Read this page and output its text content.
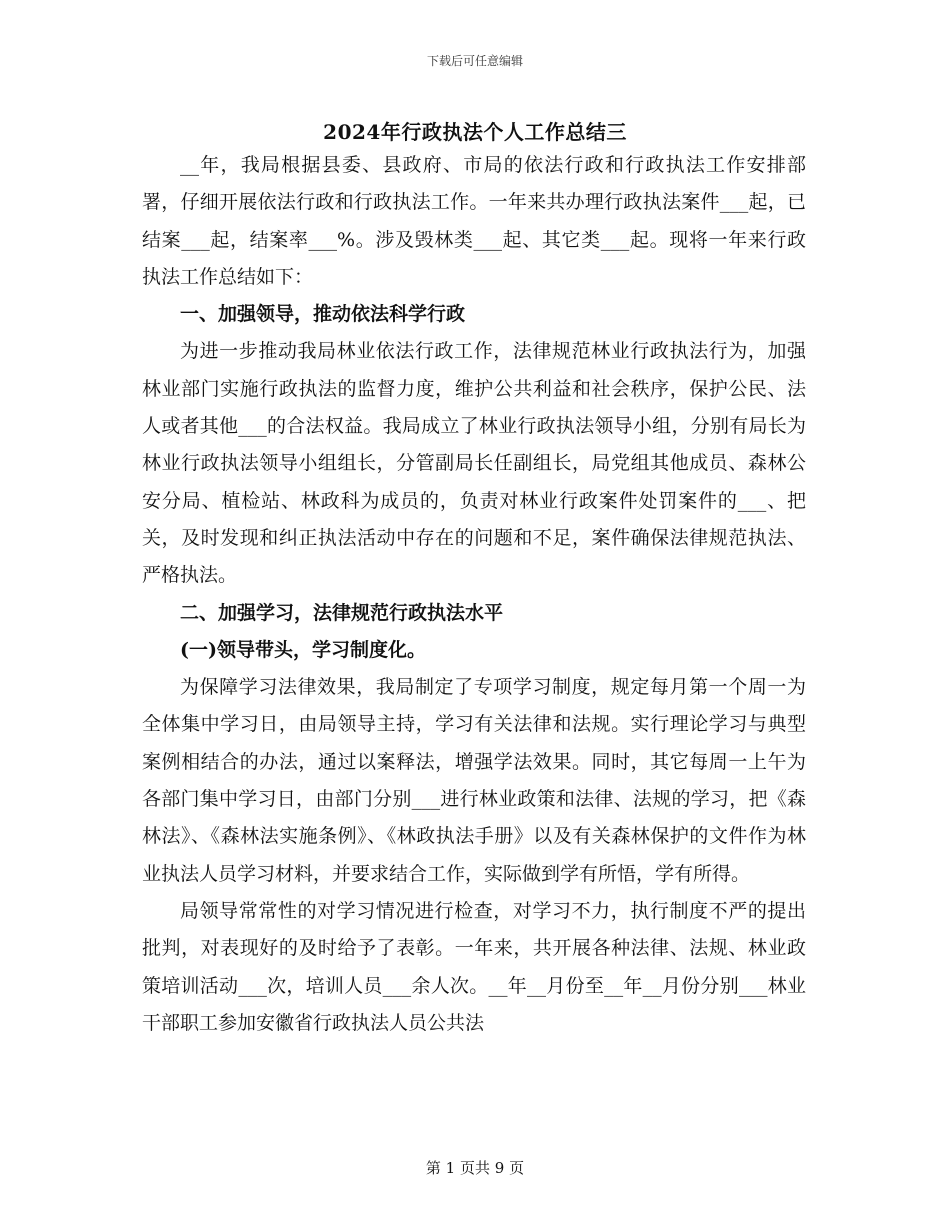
下载后可任意编辑
2024年行政执法个人工作总结三

__年，我局根据县委、县政府、市局的依法行政和行政执法工作安排部署，仔细开展依法行政和行政执法工作。一年来共办理行政执法案件___起，已结案___起，结案率___%。涉及毁林类___起、其它类___起。现将一年来行政执法工作总结如下：

一、加强领导，推动依法科学行政

为进一步推动我局林业依法行政工作，法律规范林业行政执法行为，加强林业部门实施行政执法的监督力度，维护公共利益和社会秩序，保护公民、法人或者其他___的合法权益。我局成立了林业行政执法领导小组，分别有局长为林业行政执法领导小组组长，分管副局长任副组长，局党组其他成员、森林公安分局、植检站、林政科为成员的，负责对林业行政案件处罚案件的___、把关，及时发现和纠正执法活动中存在的问题和不足，案件确保法律规范执法、严格执法。

二、加强学习，法律规范行政执法水平

(一)领导带头，学习制度化。

为保障学习法律效果，我局制定了专项学习制度，规定每月第一个周一为全体集中学习日，由局领导主持，学习有关法律和法规。实行理论学习与典型案例相结合的办法，通过以案释法，增强学法效果。同时，其它每周一上午为各部门集中学习日，由部门分别___进行林业政策和法律、法规的学习，把《森林法》、《森林法实施条例》、《林政执法手册》以及有关森林保护的文件作为林业执法人员学习材料，并要求结合工作，实际做到学有所悟，学有所得。

局领导常常性的对学习情况进行检查，对学习不力，执行制度不严的提出批判，对表现好的及时给予了表彰。一年来，共开展各种法律、法规、林业政策培训活动___次，培训人员___余人次。__年__月份至__年__月份分别___林业干部职工参加安徽省行政执法人员公共法

第 1 页共 9 页
